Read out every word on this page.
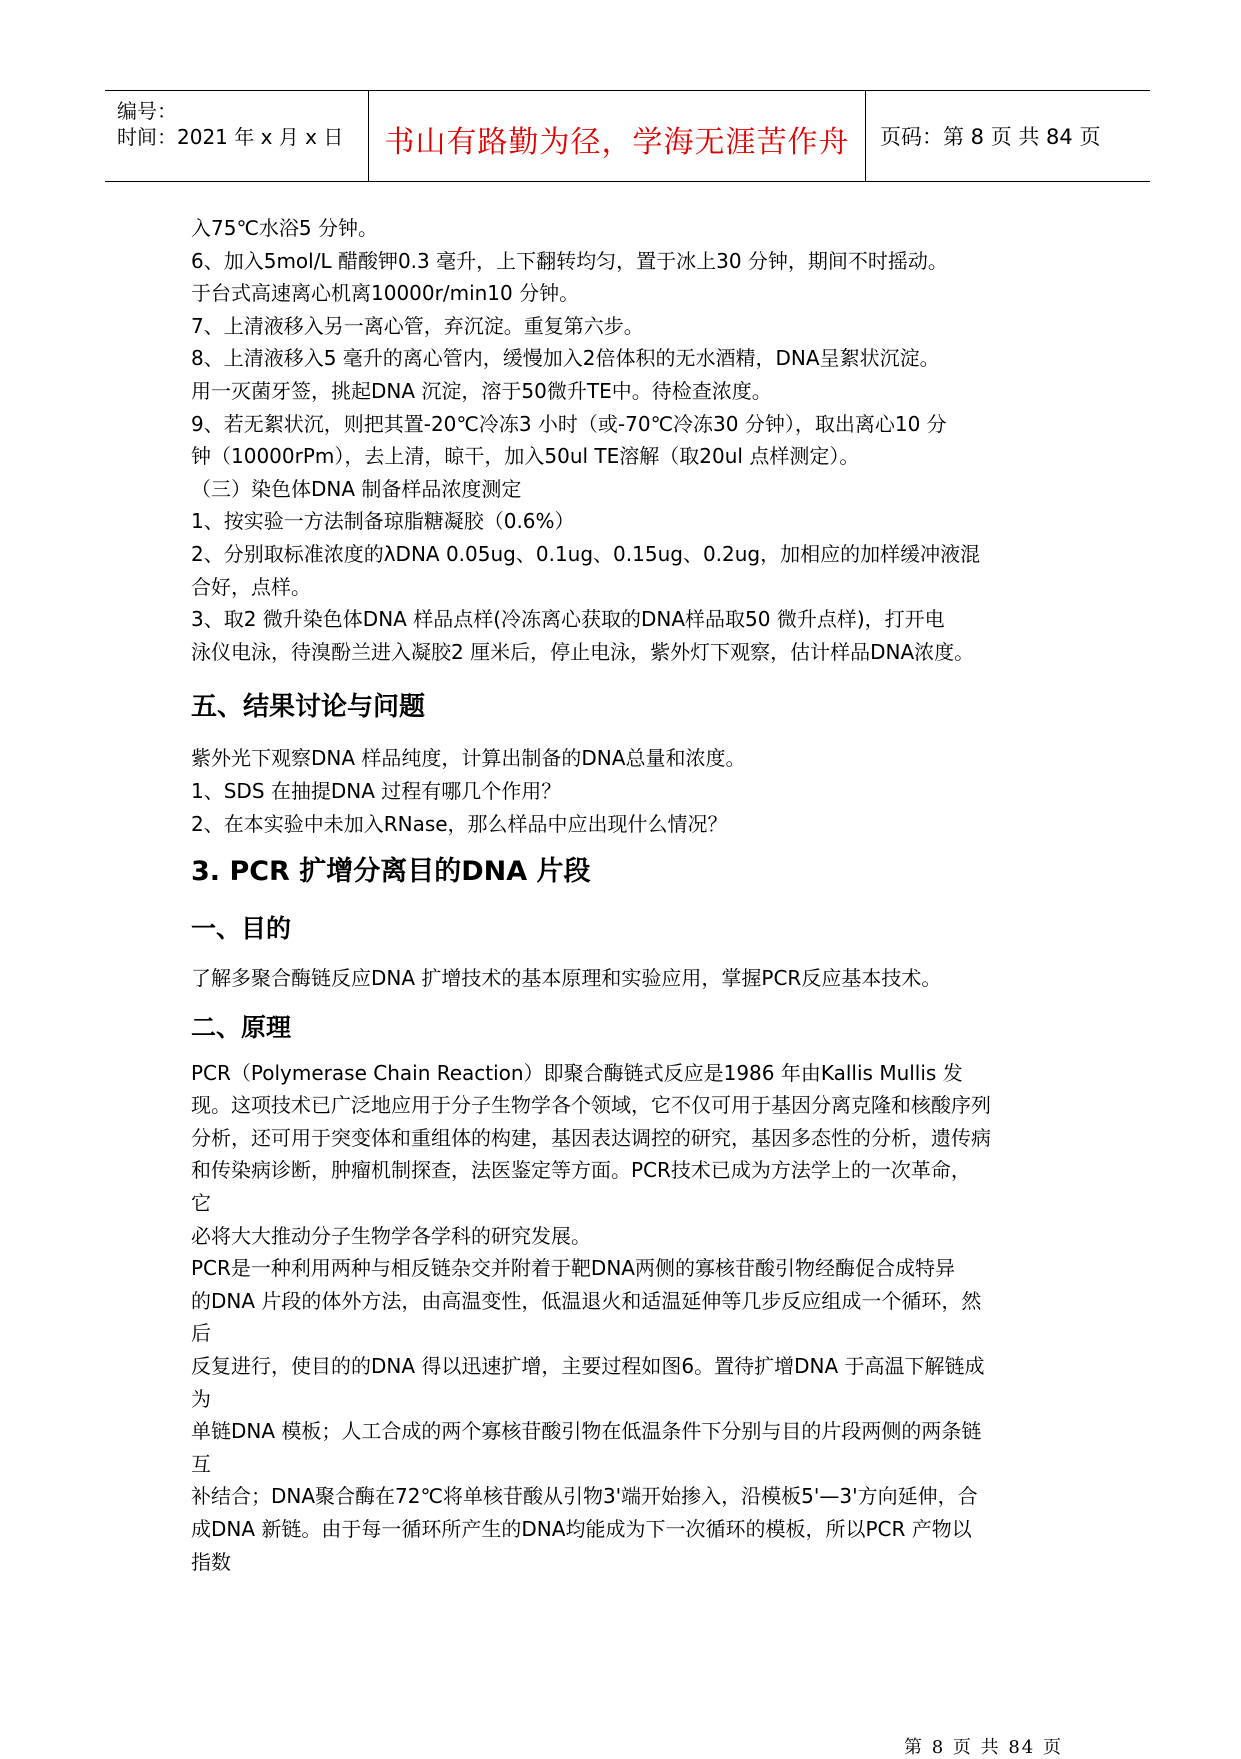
编号：
时间：2021 年 x 月 x 日	书山有路勤为径，学海无涯苦作舟	页码：第 8 页 共 84 页
入75℃水浴5 分钟。
6、加入5mol/L 醋酸钾0.3 毫升，上下翻转均匀，置于冰上30 分钟，期间不时摇动。
于台式高速离心机离10000r/min10 分钟。
7、上清液移入另一离心管，弃沉淀。重复第六步。
8、上清液移入5 毫升的离心管内，缓慢加入2倍体积的无水酒精，DNA呈絮状沉淀。
用一灭菌牙签，挑起DNA 沉淀，溶于50微升TE中。待检查浓度。
9、若无絮状沉，则把其置-20℃冷冻3 小时（或-70℃冷冻30 分钟），取出离心10 分
钟（10000rPm），去上清，晾干，加入50ul TE溶解（取20ul 点样测定）。
（三）染色体DNA 制备样品浓度测定
1、按实验一方法制备琼脂糖凝胶（0.6%）
2、分别取标准浓度的λDNA 0.05ug、0.1ug、0.15ug、0.2ug，加相应的加样缓冲液混
合好，点样。
3、取2 微升染色体DNA 样品点样(冷冻离心获取的DNA样品取50 微升点样)，打开电
泳仪电泳，待溴酚兰进入凝胶2 厘米后，停止电泳，紫外灯下观察，估计样品DNA浓度。
五、结果讨论与问题
紫外光下观察DNA 样品纯度，计算出制备的DNA总量和浓度。
1、SDS 在抽提DNA 过程有哪几个作用？
2、在本实验中未加入RNase，那么样品中应出现什么情况？
3. PCR 扩增分离目的DNA 片段
一、目的
了解多聚合酶链反应DNA 扩增技术的基本原理和实验应用，掌握PCR反应基本技术。
二、原理
PCR（Polymerase Chain Reaction）即聚合酶链式反应是1986 年由Kallis Mullis 发
现。这项技术已广泛地应用于分子生物学各个领域，它不仅可用于基因分离克隆和核酸序列
分析，还可用于突变体和重组体的构建，基因表达调控的研究，基因多态性的分析，遗传病
和传染病诊断，肿瘤机制探查，法医鉴定等方面。PCR技术已成为方法学上的一次革命，
它
必将大大推动分子生物学各学科的研究发展。
PCR是一种利用两种与相反链杂交并附着于靶DNA两侧的寡核苷酸引物经酶促合成特异
的DNA 片段的体外方法，由高温变性，低温退火和适温延伸等几步反应组成一个循环，然
后
反复进行，使目的的DNA 得以迅速扩增，主要过程如图6。置待扩增DNA 于高温下解链成
为
单链DNA 模板；人工合成的两个寡核苷酸引物在低温条件下分别与目的片段两侧的两条链
互
补结合；DNA聚合酶在72℃将单核苷酸从引物3'端开始掺入，沿模板5'—3'方向延伸，合
成DNA 新链。由于每一循环所产生的DNA均能成为下一次循环的模板，所以PCR 产物以
指数
第 8 页 共 84 页
